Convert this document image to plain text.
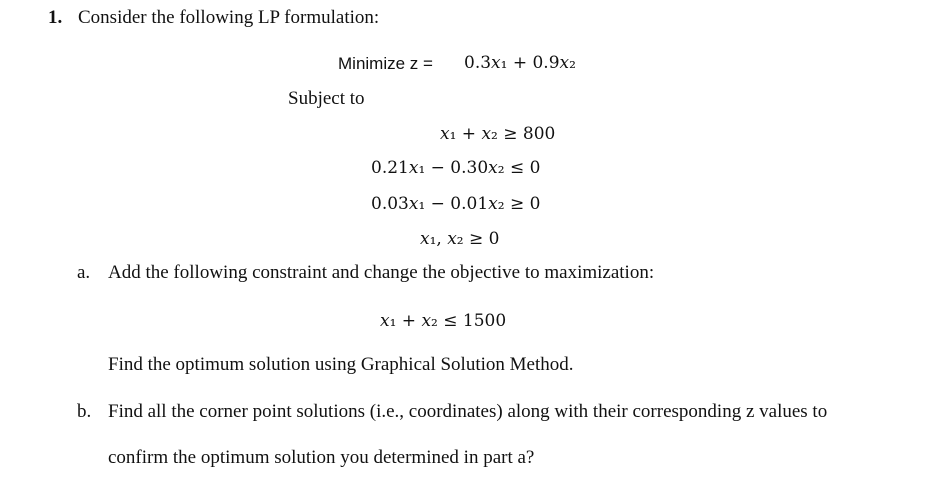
1. Consider the following LP formulation:
Minimize z = 0.3𝑥₁ + 0.9𝑥₂
Subject to
𝑥₁ + 𝑥₂ ≥ 800
0.21𝑥₁ − 0.30𝑥₂ ≤ 0
0.03𝑥₁ − 0.01𝑥₂ ≥ 0
𝑥₁, 𝑥₂ ≥ 0
a. Add the following constraint and change the objective to maximization:
𝑥₁ + 𝑥₂ ≤ 1500
Find the optimum solution using Graphical Solution Method.
b. Find all the corner point solutions (i.e., coordinates) along with their corresponding z values to
confirm the optimum solution you determined in part a?
